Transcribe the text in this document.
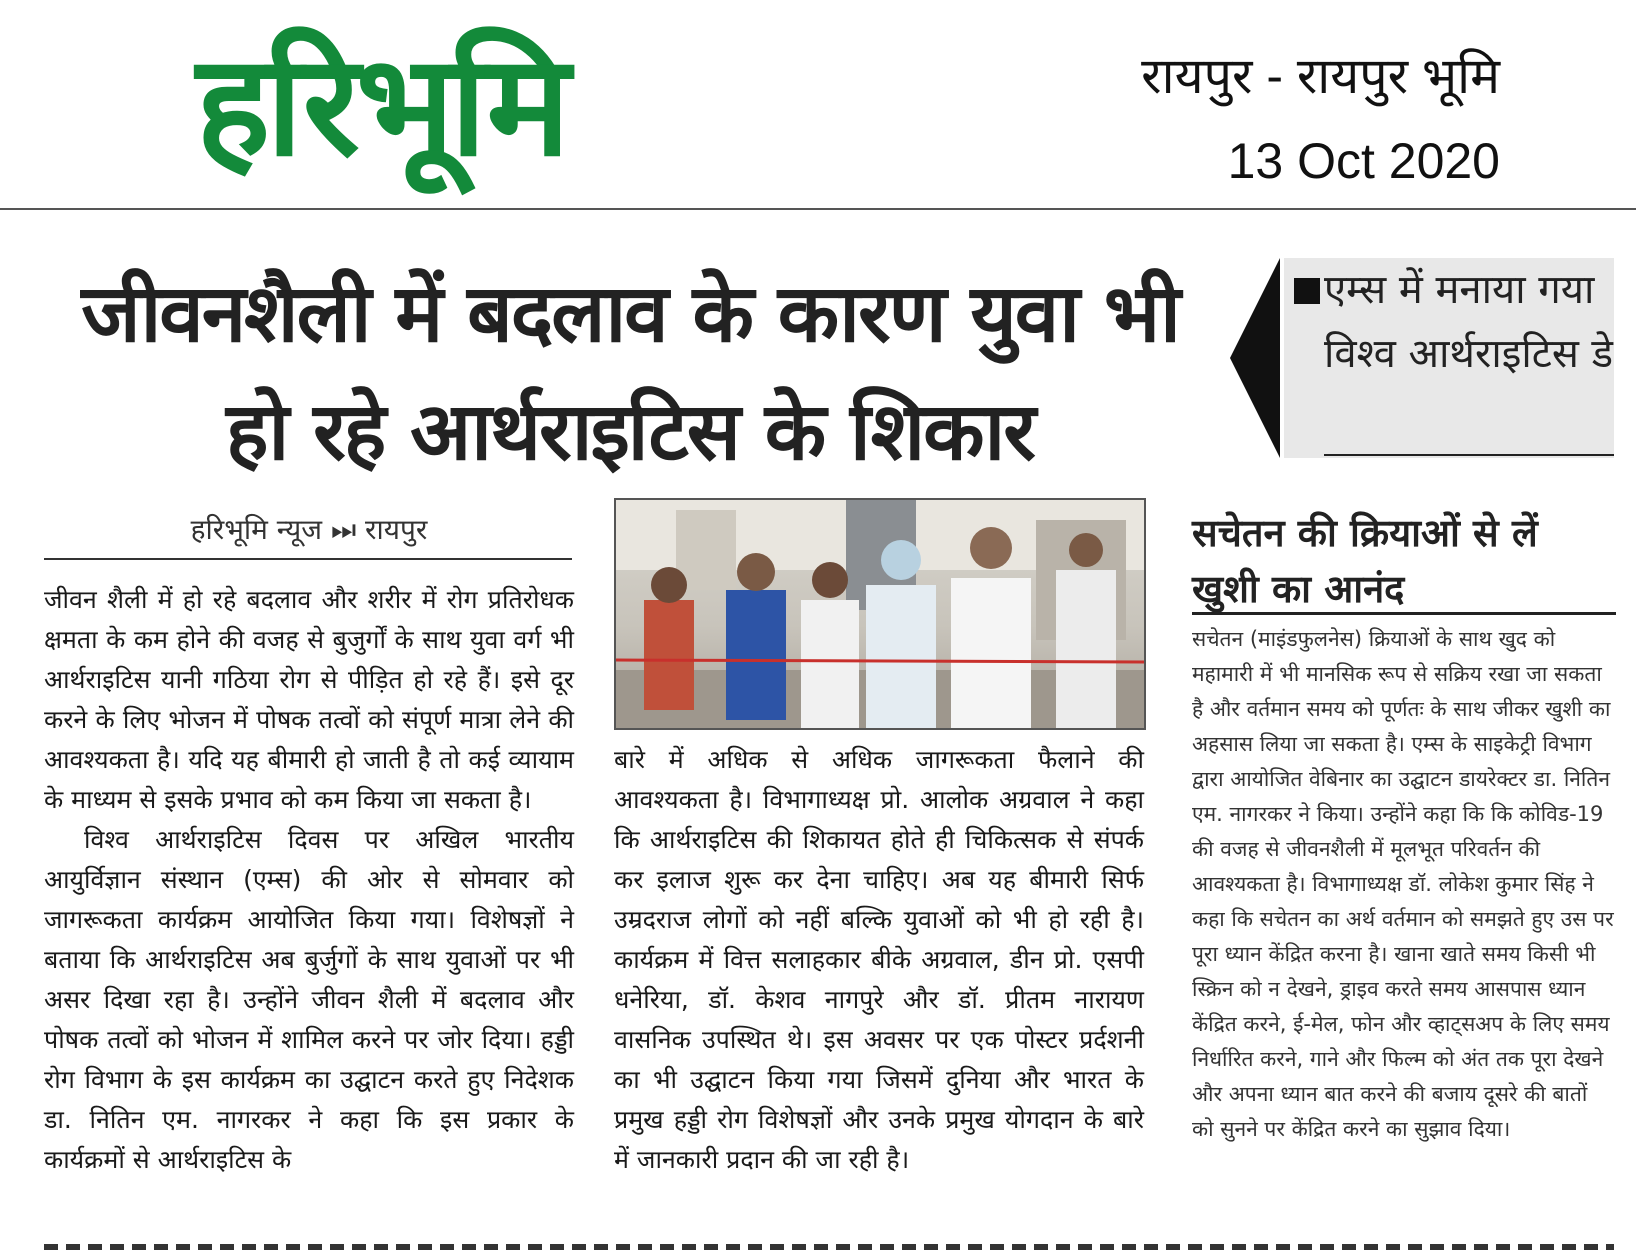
हरिभूमि	रायपुर - रायपुर भूमि
13 Oct 2020
जीवनशैली में बदलाव के कारण युवा भी हो रहे आर्थराइटिस के शिकार
एम्स में मनाया गया विश्व आर्थराइटिस डे
हरिभूमि न्यूज ⏭ रायपुर

जीवन शैली में हो रहे बदलाव और शरीर में रोग प्रतिरोधक क्षमता के कम होने की वजह से बुजुर्गों के साथ युवा वर्ग भी आर्थराइटिस यानी गठिया रोग से पीड़ित हो रहे हैं। इसे दूर करने के लिए भोजन में पोषक तत्वों को संपूर्ण मात्रा लेने की आवश्यकता है। यदि यह बीमारी हो जाती है तो कई व्यायाम के माध्यम से इसके प्रभाव को कम किया जा सकता है।

विश्व आर्थराइटिस दिवस पर अखिल भारतीय आयुर्विज्ञान संस्थान (एम्स) की ओर से सोमवार को जागरूकता कार्यक्रम आयोजित किया गया। विशेषज्ञों ने बताया कि आर्थराइटिस अब बुर्जुगों के साथ युवाओं पर भी असर दिखा रहा है। उन्होंने जीवन शैली में बदलाव और पोषक तत्वों को भोजन में शामिल करने पर जोर दिया। हड्डी रोग विभाग के इस कार्यक्रम का उद्घाटन करते हुए निदेशक डा. नितिन एम. नागरकर ने कहा कि इस प्रकार के कार्यक्रमों से आर्थराइटिस के

बारे में अधिक से अधिक जागरूकता फैलाने की आवश्यकता है। विभागाध्यक्ष प्रो. आलोक अग्रवाल ने कहा कि आर्थराइटिस की शिकायत होते ही चिकित्सक से संपर्क कर इलाज शुरू कर देना चाहिए। अब यह बीमारी सिर्फ उम्रदराज लोगों को नहीं बल्कि युवाओं को भी हो रही है। कार्यक्रम में वित्त सलाहकार बीके अग्रवाल, डीन प्रो. एसपी धनेरिया, डॉ. केशव नागपुरे और डॉ. प्रीतम नारायण वासनिक उपस्थित थे। इस अवसर पर एक पोस्टर प्रर्दशनी का भी उद्घाटन किया गया जिसमें दुनिया और भारत के प्रमुख हड्डी रोग विशेषज्ञों और उनके प्रमुख योगदान के बारे में जानकारी प्रदान की जा रही है।

सचेतन की क्रियाओं से लें खुशी का आनंद

सचेतन (माइंडफुलनेस) क्रियाओं के साथ खुद को महामारी में भी मानसिक रूप से सक्रिय रखा जा सकता है और वर्तमान समय को पूर्णतः के साथ जीकर खुशी का अहसास लिया जा सकता है। एम्स के साइकेट्री विभाग द्वारा आयोजित वेबिनार का उद्घाटन डायरेक्टर डा. नितिन एम. नागरकर ने किया। उन्होंने कहा कि कि कोविड-19 की वजह से जीवनशैली में मूलभूत परिवर्तन की आवश्यकता है। विभागाध्यक्ष डॉ. लोकेश कुमार सिंह ने कहा कि सचेतन का अर्थ वर्तमान को समझते हुए उस पर पूरा ध्यान केंद्रित करना है। खाना खाते समय किसी भी स्क्रिन को न देखने, ड्राइव करते समय आसपास ध्यान केंद्रित करने, ई-मेल, फोन और व्हाट्सअप के लिए समय निर्धारित करने, गाने और फिल्म को अंत तक पूरा देखने और अपना ध्यान बात करने की बजाय दूसरे की बातों को सुनने पर केंद्रित करने का सुझाव दिया।
